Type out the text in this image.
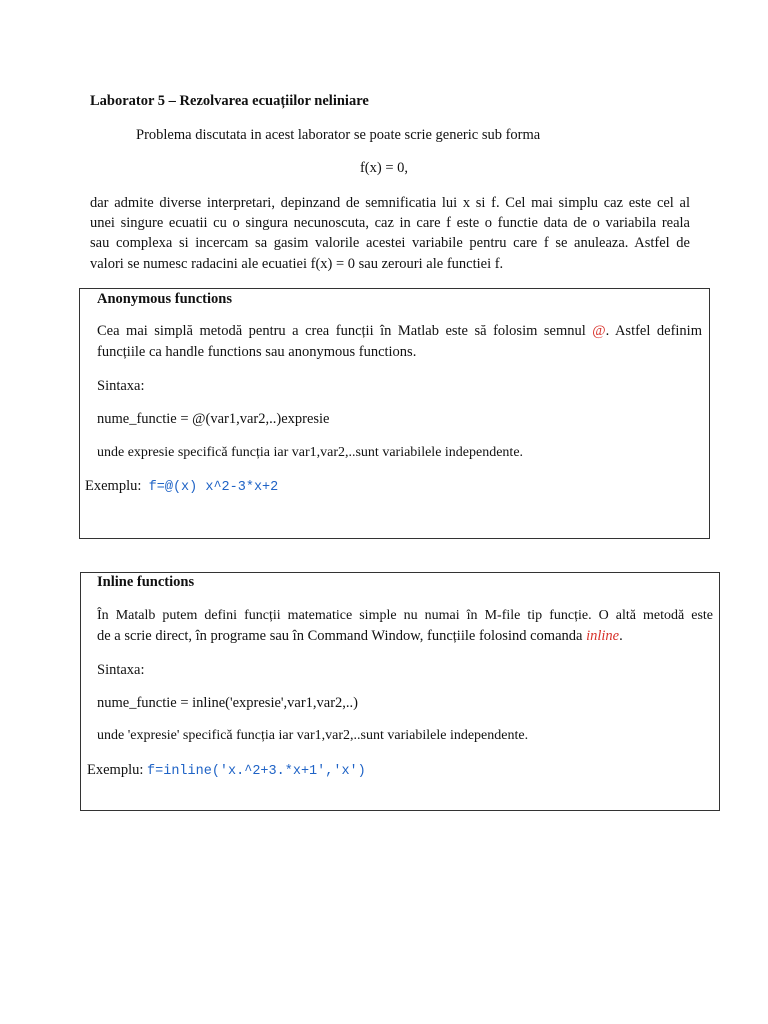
Laborator 5 – Rezolvarea ecuațiilor neliniare
Problema discutata in acest laborator se poate scrie generic sub forma
f(x) = 0,
dar admite diverse interpretari, depinzand de semnificatia lui x si f. Cel mai simplu caz este cel al
unei singure ecuatii cu o singura necunoscuta, caz in care f este o functie data de o variabila reala
sau complexa si incercam sa gasim valorile acestei variabile pentru care f se anuleaza. Astfel de
valori se numesc radacini ale ecuatiei f(x) = 0 sau zerouri ale functiei f.
Anonymous functions
Cea mai simplă metodă pentru a crea funcții în Matlab este să folosim semnul @. Astfel definim
funcțiile ca handle functions sau anonymous functions.
Sintaxa:
nume_functie = @(var1,var2,..)expresie
unde expresie specifică funcția iar var1,var2,..sunt variabilele independente.
Exemplu: f=@(x) x^2-3*x+2
Inline functions
În Matalb putem defini funcții matematice simple nu numai în M-file tip funcție. O altă metodă este
de a scrie direct, în programe sau în Command Window, funcțiile folosind comanda inline.
Sintaxa:
nume_functie = inline('expresie',var1,var2,..)
unde 'expresie' specifică funcția iar var1,var2,..sunt variabilele independente.
Exemplu: f=inline('x.^2+3.*x+1','x')
